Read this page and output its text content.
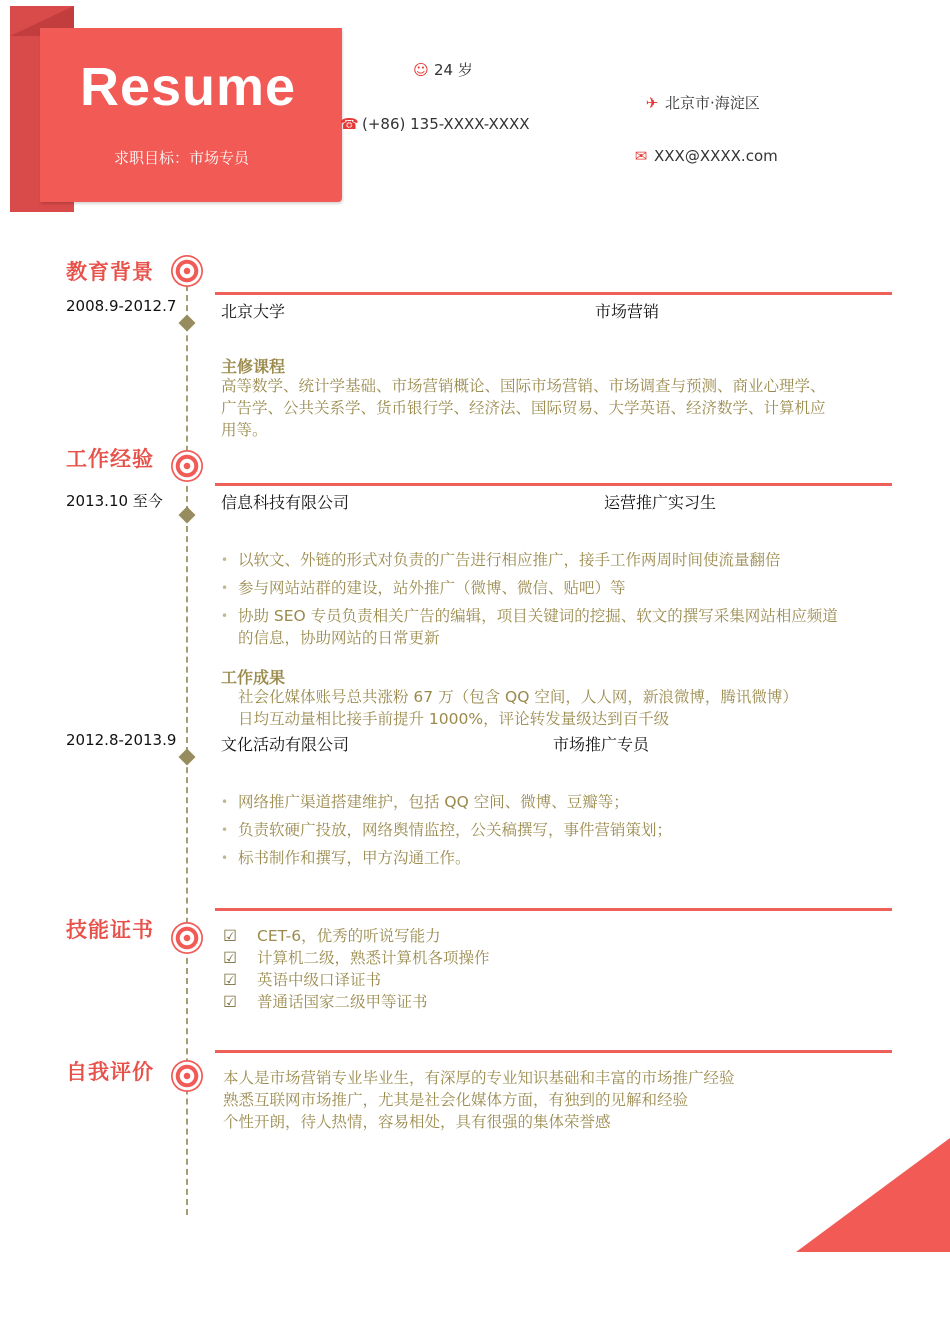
Resume
求职目标：市场专员
☺ 24 岁
☎ (+86) 135-XXXX-XXXX
✈ 北京市·海淀区
✉ XXX@XXXX.com
教育背景
2008.9-2012.7	北京大学	市场营销
主修课程
高等数学、统计学基础、市场营销概论、国际市场营销、市场调查与预测、商业心理学、
广告学、公共关系学、货币银行学、经济法、国际贸易、大学英语、经济数学、计算机应
用等。
工作经验
2013.10 至今	信息科技有限公司	运营推广实习生
• 以软文、外链的形式对负责的广告进行相应推广，接手工作两周时间使流量翻倍
• 参与网站站群的建设，站外推广（微博、微信、贴吧）等
• 协助 SEO 专员负责相关广告的编辑，项目关键词的挖掘、软文的撰写采集网站相应频道
的信息，协助网站的日常更新
工作成果
社会化媒体账号总共涨粉 67 万（包含 QQ 空间，人人网，新浪微博，腾讯微博）
日均互动量相比接手前提升 1000%，评论转发量级达到百千级
2012.8-2013.9	文化活动有限公司	市场推广专员
• 网络推广渠道搭建维护，包括 QQ 空间、微博、豆瓣等；
• 负责软硬广投放，网络舆情监控，公关稿撰写，事件营销策划；
• 标书制作和撰写，甲方沟通工作。
技能证书	☑ CET-6，优秀的听说写能力
☑ 计算机二级，熟悉计算机各项操作
☑ 英语中级口译证书
☑ 普通话国家二级甲等证书
自我评价	本人是市场营销专业毕业生，有深厚的专业知识基础和丰富的市场推广经验
熟悉互联网市场推广，尤其是社会化媒体方面，有独到的见解和经验
个性开朗，待人热情，容易相处，具有很强的集体荣誉感
